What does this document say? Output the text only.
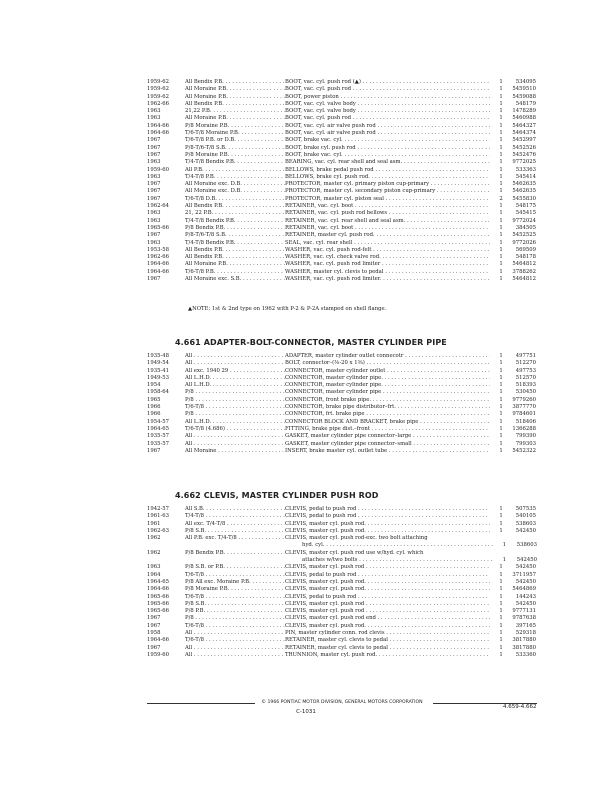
1959-62	All Bendix P.B. . . .	BOOT, vac. cyl. push rod (▲) . . .	1	534095
1959-62	All Moraine P.B. . . .	BOOT, vac. cyl. push rod . . .	1	5459510
1959-62	All Moraine P.B. . . .	BOOT, power piston . . .	1	5459088
1962-66	All Bendix P.B. . . .	BOOT, vac. cyl. valve body . . .	1	548179
1963	21,22 P.B. . . .	BOOT, vac. cyl. valve body . . .	1	1478289
1963	All Moraine P.B. . . .	BOOT, vac. cyl. push rod . . .	1	5460988
1964-66	P/8 Moraine P.B. . . .	BOOT, vac. cyl. air valve push rod . . .	1	5464327
1964-66	T/6-T/8 Moraine P.B. . . .	BOOT, vac. cyl. air valve push rod . . .	1	5464374
1967	T/6-T/8 P.B. or D.B. . . .	BOOT, brake vac. cyl. . . .	1	5452997
1967	P/8-T/6-T/8 S.B. . . .	BOOT, brake cyl. push rod . . .	1	5452526
1967	P/8 Moraine P.B. . . .	BOOT, brake vac. cyl. . . .	1	5452476
1963	T/4-T/8 Bendix P.B. . . .	BEARING, vac. cyl. rear shell and seal asm. . . .	1	9772025
1959-60	All P.B. . . .	BELLOWS, brake pedal push rod . . .	1	533363
1963	T/4-T/8 P.B. . . .	BELLOWS, brake cyl. push rod. . . .	1	545414
1967	All Moraine exc. D.B. . . .	PROTECTOR, master cyl. primary piston cup-primary . . .	1	5462635
1967	All Moraine exc. D.B. . . .	PROTECTOR, master cyl. secondary piston cup-primary . . .	1	5462635
1967	T/6-T/8 D.B. . . .	PROTECTOR, master cyl. piston seal . . .	2	5455830
1962-64	All Bendix P.B. . . .	RETAINER, vac. cyl. boot . . .	1	548175
1963	21, 22 P.B. . . .	RETAINER, vac. cyl. push rod bellows . . .	1	545415
1963	T/4-T/8 Bendix P.B. . . .	RETAINER, vac. cyl. rear shell and seal asm. . . .	1	9772024
1965-66	P/8 Bendix P.B. . . .	RETAINER, vac. cyl. boot . . .	1	384505
1967	P/8-T/6-T/8 S.B. . . .	RETAINER, master cyl. push rod. . . .	1	5452525
1963	T/4-T/8 Bendix P.B. . . .	SEAL, vac. cyl. rear shell . . .	1	9772026
1953-58	All Bendix P.B. . . .	WASHER, vac. cyl. push rod-felt . . .	1	569509
1962-66	All Bendix P.B. . . .	WASHER, vac. cyl. check valve rod. . . .	1	548178
1964-66	All Moraine P.B. . . .	WASHER, vac. cyl. push rod limiter . . .	1	5464812
1964-66	T/6-T/8 P.B. . . .	WASHER, master cyl. clevis to pedal . . .	1	3788262
1967	All Moraine exc. S.B. . . .	WASHER, vac. cyl. push rod limiter. . . .	1	5464812
▲NOTE: 1st & 2nd type on 1962 with P-2 & P-2A stamped on shell flange.
4.661 ADAPTER-BOLT-CONNECTOR, MASTER CYLINDER PIPE
1935-48	All . . .	ADAPTER, master cylinder outlet connecotr . . .	1	497751
1949-54	All . . .	BOLT, connector–(⅜-20 x 1⅜) . . .	1	512270
1935-41	All exc. 1940 29 . . .	CONNECTOR, master cylinder outlet . . .	1	497753
1949-53	All L.H.D. . . .	CONNECTOR, master cylinder pipe. . . .	1	512570
1954	All L.H.D. . . .	CONNECTOR, master cylinder pipe. . . .	1	518393
1958-64	P/8 . . .	CONNECTOR, master cylinder pipe . . .	1	530450
1965	P/8 . . .	CONNECTOR, front brake pipe. . . .	1	9779260
1966	T/6-T/8 . . .	CONNECTOR, brake pipe distributor–frt. . . .	1	3877770
1966	P/8 . . .	CONNECTOR, frt. brake pipe . . .	1	9784601
1954-57	All L.H.D. . . .	CONNECTOR BLOCK AND BRACKET, brake pipe . . .	1	518406
1964-65	T/6-T/8 (4.686) . . .	FITTING, brake pipe dist.–front . . .	1	1366288
1935-57	All . . .	GASKET, master cylinder pipe connector–large . . .	1	799390
1935-57	All . . .	GASKET, master cylinder pipe connector–small . . .	1	799303
1967	All Moraine . . .	INSERT, brake master cyl. outlet tube . . .	1	5452322
4.662 CLEVIS, MASTER CYLINDER PUSH ROD
1942-57	All S.B. . . .	CLEVIS, pedal to push rod . . .	1	507535
1961-63	T/4-T/8 . . .	CLEVIS, pedal to push rod . . .	1	540105
1961	All exc. T/4-T/8 . . .	CLEVIS, master cyl. push rod. . . .	1	538603
1962-63	P/8 S.B. . . .	CLEVIS, master cyl. push rod. . . .	1	542450
1962	All P.B. exc. T/4-T/8 . . .	CLEVIS, master cyl. push rod-exc. two bolt attaching
hyd. cyl. . . .	1	538603
1962	P/8 Bendix P.B. . . .	CLEVIS, master cyl. push rod use w/hyd. cyl. which
attaches w/two bolts . . .	1	542450
1963	P/8 S.B. or P.B. . . .	CLEVIS, master cyl. push rod . . .	1	542450
1964	T/6-T/8 . . .	CLEVIS, pedal to push rod . . .	1	3711957
1964-65	P/8 All exc. Moraine P.B. . . .	CLEVIS, master cyl. push rod. . . .	1	542450
1964-66	P/8 Moraine P.B. . . .	CLEVIS, master cyl. push rod. . . .	1	5464869
1965-66	T/6-T/8 . . .	CLEVIS, pedal to push rod . . .	1	144243
1965-66	P/8 S.B. . . .	CLEVIS, master cyl. push rod . . .	1	542450
1965-66	P/8 P.B. . . .	CLEVIS, master cyl. push rod . . .	1	9777131
1967	P/8 . . .	CLEVIS, master cyl. push rod end . . .	1	9787638
1967	T/6-T/8 . . .	CLEVIS, master cyl. push rod. . . .	1	397165
1958	All . . .	PIN, master cylinder conn. rod clevis . . .	1	529318
1964-66	T/6-T/8 . . .	RETAINER, master cyl. clevis to pedal . . .	1	3817880
1967	All . . .	RETAINER, master cyl. clevis to pedal . . .	1	3817880
1959-60	All . . .	TRUNNION, master cyl. push rod. . . .	1	533360
© 1966 PONTIAC MOTOR DIVISION, GENERAL MOTORS CORPORATION
C-1031
4.659-4.662
